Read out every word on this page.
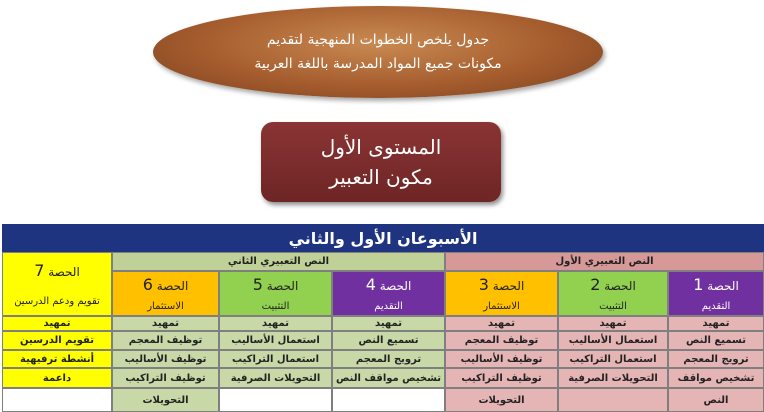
جدول يلخص الخطوات المنهجية لتقديم
مكونات جميع المواد المدرسة باللغة العربية
المستوى الأول
مكون التعبير
الأسبوعان الأول والثاني
النص التعبيري الأول
النص التعبيري الثاني
الحصة 7
تقويم ودعم الدرسين
الحصة 1
التقديم
الحصة 2
التثبيت
الحصة 3
الاستثمار
الحصة 4
التقديم
الحصة 5
التثبيت
الحصة 6
الاستثمار
تمهيد
تمهيد
تمهيد
تمهيد
تمهيد
تمهيد
تمهيد
تسميع النص
استعمال الأساليب
توظيف المعجم
تسميع النص
استعمال الأساليب
توظيف المعجم
تقويم الدرسين
ترويج المعجم
استعمال التراكيب
توظيف الأساليب
ترويج المعجم
استعمال التراكيب
توظيف الأساليب
أنشطة ترفيهية
تشخيص مواقف
التحويلات الصرفية
توظيف التراكيب
تشخيص مواقف النص
التحويلات الصرفية
توظيف التراكيب
داعمة
النص
التحويلات
التحويلات
